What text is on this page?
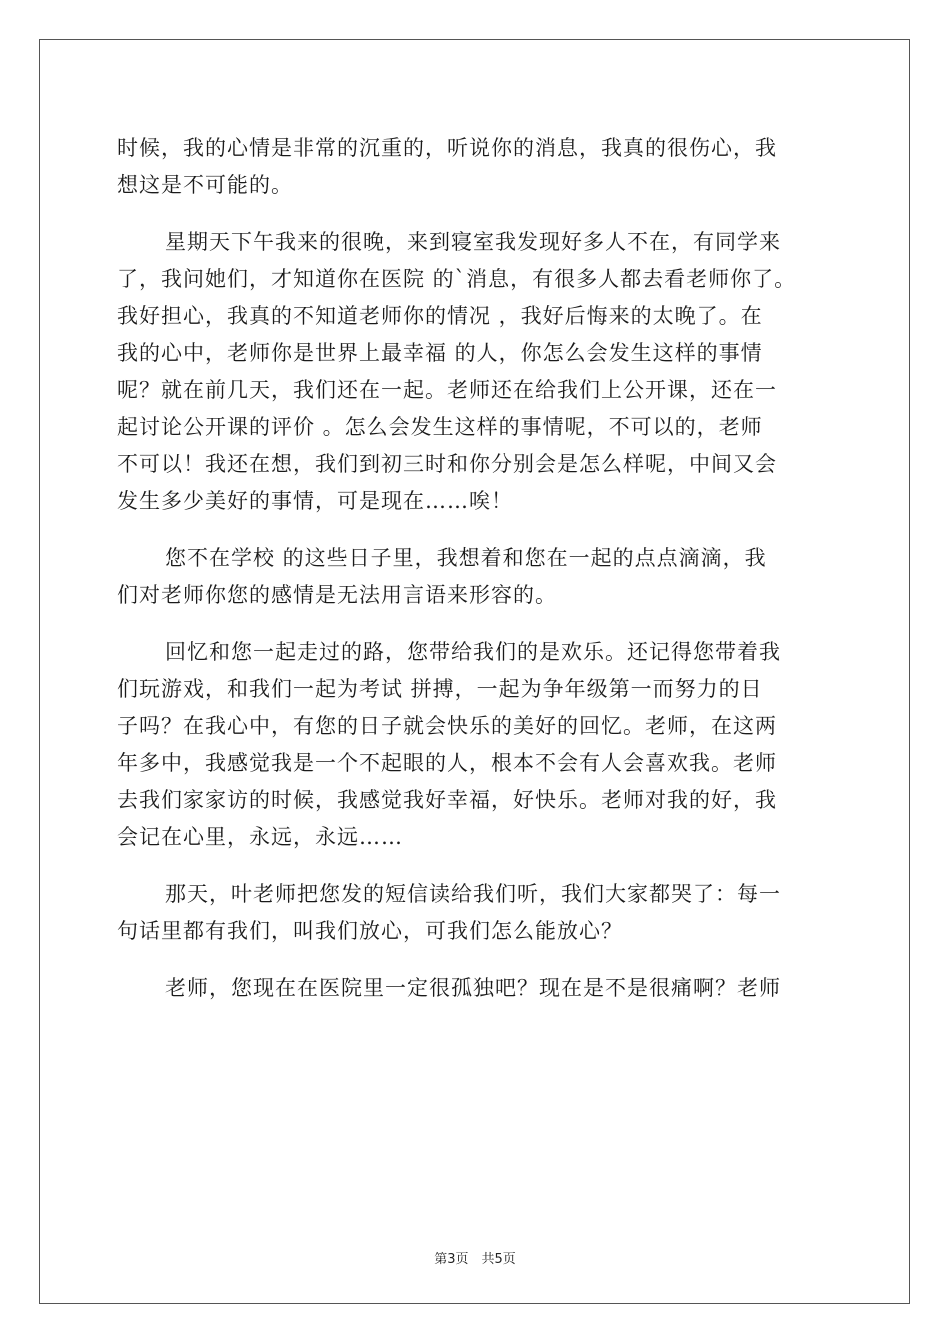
时候，我的心情是非常的沉重的，听说你的消息，我真的很伤心，我
想这是不可能的。
星期天下午我来的很晚，来到寝室我发现好多人不在，有同学来
了，我问她们，才知道你在医院 的`消息，有很多人都去看老师你了。
我好担心，我真的不知道老师你的情况 ，我好后悔来的太晚了。在
我的心中，老师你是世界上最幸福 的人，你怎么会发生这样的事情
呢？就在前几天，我们还在一起。老师还在给我们上公开课，还在一
起讨论公开课的评价 。怎么会发生这样的事情呢，不可以的，老师
不可以！我还在想，我们到初三时和你分别会是怎么样呢，中间又会
发生多少美好的事情，可是现在……唉！
您不在学校 的这些日子里，我想着和您在一起的点点滴滴，我
们对老师你您的感情是无法用言语来形容的。
回忆和您一起走过的路，您带给我们的是欢乐。还记得您带着我
们玩游戏，和我们一起为考试 拼搏，一起为争年级第一而努力的日
子吗？在我心中，有您的日子就会快乐的美好的回忆。老师，在这两
年多中，我感觉我是一个不起眼的人，根本不会有人会喜欢我。老师
去我们家家访的时候，我感觉我好幸福，好快乐。老师对我的好，我
会记在心里，永远，永远……
那天，叶老师把您发的短信读给我们听，我们大家都哭了：每一
句话里都有我们，叫我们放心，可我们怎么能放心？
老师，您现在在医院里一定很孤独吧？现在是不是很痛啊？老师
第3页　共5页
